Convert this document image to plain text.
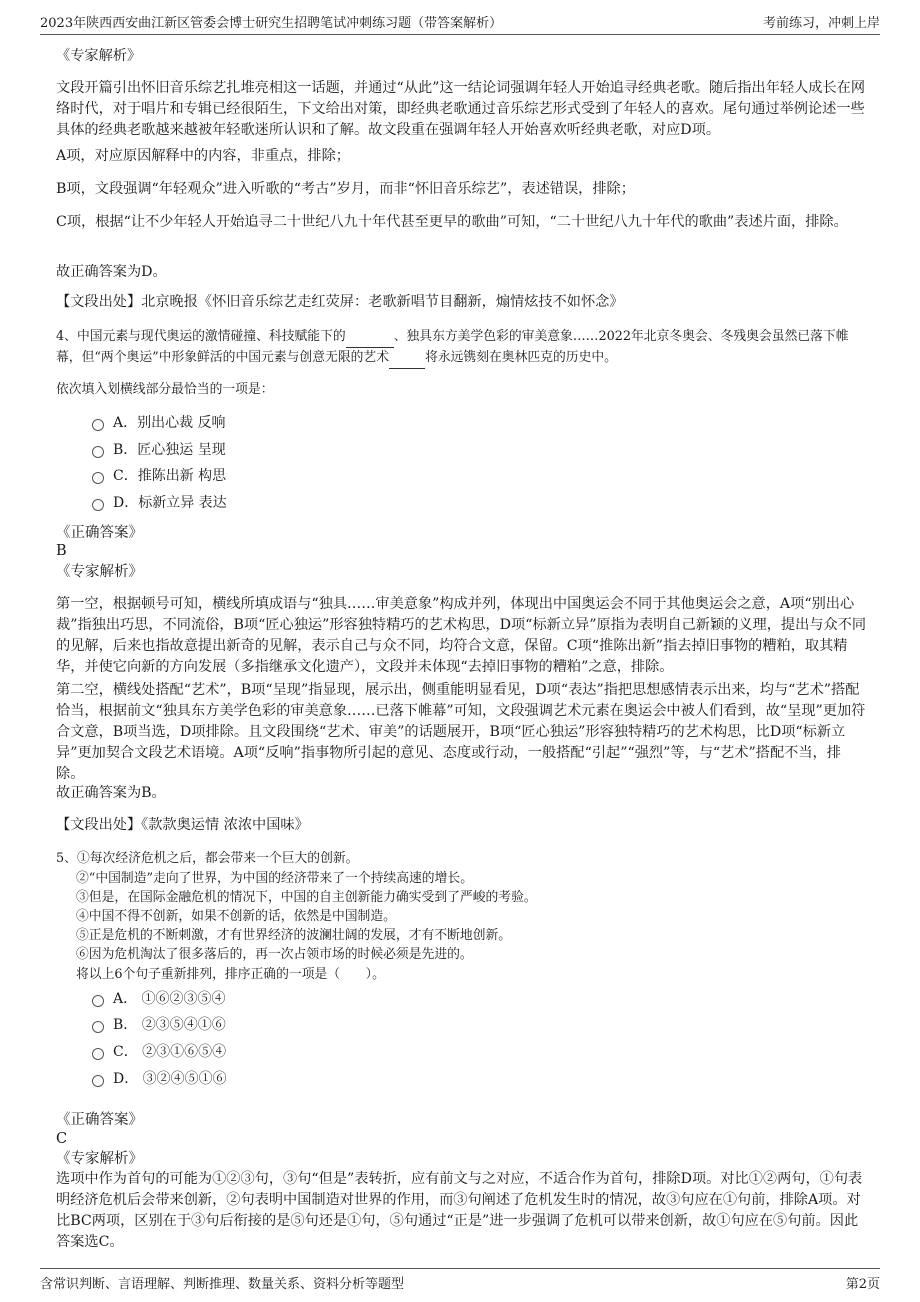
2023年陕西西安曲江新区管委会博士研究生招聘笔试冲刺练习题（带答案解析）	考前练习，冲刺上岸

《专家解析》

文段开篇引出怀旧音乐综艺扎堆亮相这一话题，并通过“从此”这一结论词强调年轻人开始追寻经典老歌。随后指出年轻人成长在网络时代，对于唱片和专辑已经很陌生，下文给出对策，即经典老歌通过音乐综艺形式受到了年轻人的喜欢。尾句通过举例论述一些具体的经典老歌越来越被年轻歌迷所认识和了解。故文段重在强调年轻人开始喜欢听经典老歌，对应D项。

A项，对应原因解释中的内容，非重点，排除；

B项，文段强调“年轻观众”进入听歌的“考古”岁月，而非“怀旧音乐综艺”，表述错误，排除；

C项，根据“让不少年轻人开始追寻二十世纪八九十年代甚至更早的歌曲”可知，“二十世纪八九十年代的歌曲”表述片面，排除。

故正确答案为D。

【文段出处】北京晚报《怀旧音乐综艺走红荧屏：老歌新唱节目翻新，煽情炫技不如怀念》

4、中国元素与现代奥运的激情碰撞、科技赋能下的	、独具东方美学色彩的审美意象……2022年北京冬奥会、冬残奥会虽然已落下帷幕，但“两个奥运”中形象鲜活的中国元素与创意无限的艺术	将永远镌刻在奥林匹克的历史中。

依次填入划横线部分最恰当的一项是：

A．别出心裁 反响
B．匠心独运 呈现
C．推陈出新 构思
D．标新立异 表达
《正确答案》
B
《专家解析》

第一空，根据顿号可知，横线所填成语与“独具……审美意象”构成并列，体现出中国奥运会不同于其他奥运会之意，A项“别出心裁”指独出巧思，不同流俗，B项“匠心独运”形容独特精巧的艺术构思，D项“标新立异”原指为表明自己新颖的义理，提出与众不同的见解，后来也指故意提出新奇的见解，表示自己与众不同，均符合文意，保留。C项“推陈出新”指去掉旧事物的糟粕，取其精华，并使它向新的方向发展（多指继承文化遗产），文段并未体现“去掉旧事物的糟粕”之意，排除。

第二空，横线处搭配“艺术”，B项“呈现”指显现，展示出，侧重能明显看见，D项“表达”指把思想感情表示出来，均与“艺术”搭配恰当，根据前文“独具东方美学色彩的审美意象……已落下帷幕”可知，文段强调艺术元素在奥运会中被人们看到，故“呈现”更加符合文意，B项当选，D项排除。且文段围绕“艺术、审美”的话题展开，B项“匠心独运”形容独特精巧的艺术构思，比D项“标新立异”更加契合文段艺术语境。A项“反响”指事物所引起的意见、态度或行动，一般搭配“引起”“强烈”等，与“艺术”搭配不当，排除。

故正确答案为B。

【文段出处】《款款奥运情 浓浓中国味》

5、①每次经济危机之后，都会带来一个巨大的创新。
②“中国制造”走向了世界，为中国的经济带来了一个持续高速的增长。
③但是，在国际金融危机的情况下，中国的自主创新能力确实受到了严峻的考验。
④中国不得不创新，如果不创新的话，依然是中国制造。
⑤正是危机的不断刺激，才有世界经济的波澜壮阔的发展，才有不断地创新。
⑥因为危机淘汰了很多落后的，再一次占领市场的时候必须是先进的。
将以上6个句子重新排列，排序正确的一项是（　　）。
A． ①⑥②③⑤④
B． ②③⑤④①⑥
C． ②③①⑥⑤④
D． ③②④⑤①⑥
《正确答案》
C
《专家解析》

选项中作为首句的可能为①②③句，③句“但是”表转折，应有前文与之对应，不适合作为首句，排除D项。对比①②两句，①句表明经济危机后会带来创新，②句表明中国制造对世界的作用，而③句阐述了危机发生时的情况，故③句应在①句前，排除A项。对比BC两项，区别在于③句后衔接的是⑤句还是①句，⑤句通过“正是”进一步强调了危机可以带来创新，故①句应在⑤句前。因此答案选C。

含常识判断、言语理解、判断推理、数量关系、资料分析等题型	第2页
